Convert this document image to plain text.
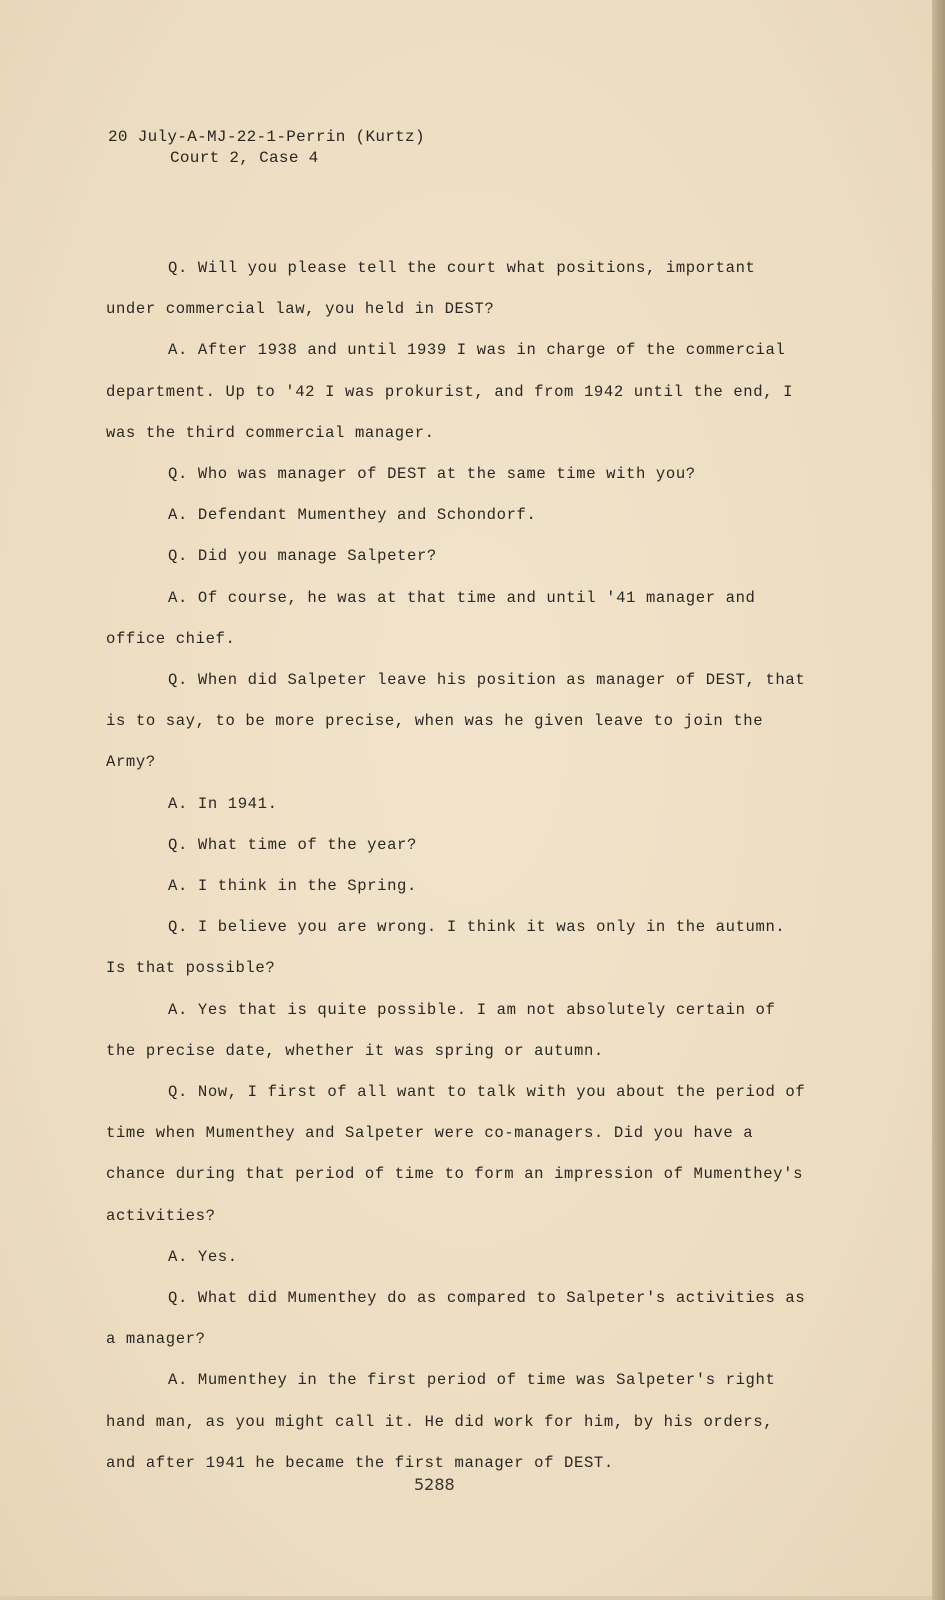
20 July-A-MJ-22-1-Perrin (Kurtz)
Court 2, Case 4

Q. Will you please tell the court what positions, important under commercial law, you held in DEST?

A. After 1938 and until 1939 I was in charge of the commercial department. Up to '42 I was prokurist, and from 1942 until the end, I was the third commercial manager.

Q. Who was manager of DEST at the same time with you?

A. Defendant Mumenthey and Schondorf.

Q. Did you manage Salpeter?

A. Of course, he was at that time and until '41 manager and office chief.

Q. When did Salpeter leave his position as manager of DEST, that is to say, to be more precise, when was he given leave to join the Army?

A. In 1941.

Q. What time of the year?

A. I think in the Spring.

Q. I believe you are wrong. I think it was only in the autumn. Is that possible?

A. Yes that is quite possible. I am not absolutely certain of the precise date, whether it was spring or autumn.

Q. Now, I first of all want to talk with you about the period of time when Mumenthey and Salpeter were co-managers. Did you have a chance during that period of time to form an impression of Mumenthey's activities?

A. Yes.

Q. What did Mumenthey do as compared to Salpeter's activities as a manager?

A. Mumenthey in the first period of time was Salpeter's right hand man, as you might call it. He did work for him, by his orders, and after 1941 he became the first manager of DEST.

5288
